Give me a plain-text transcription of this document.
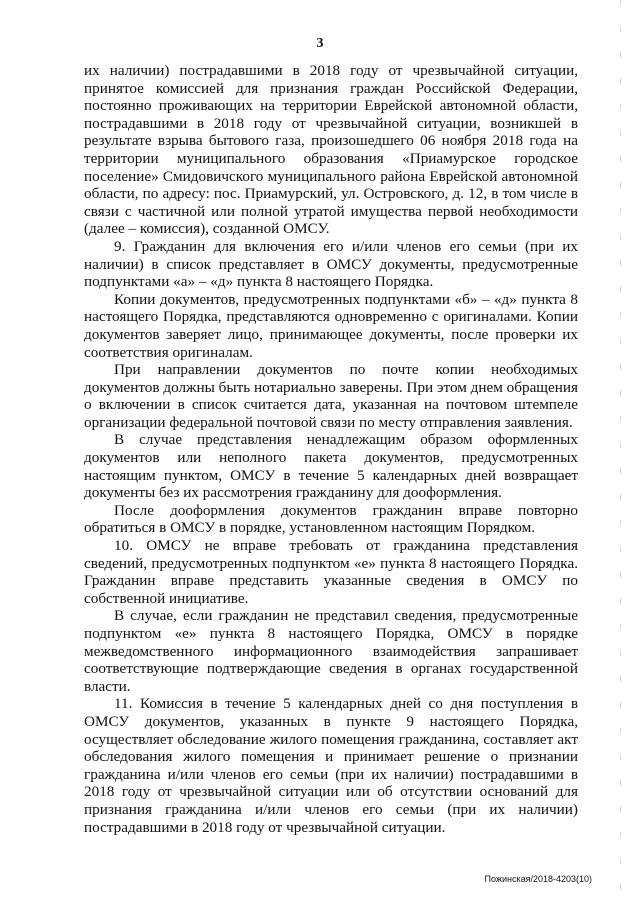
3

их наличии) пострадавшими в 2018 году от чрезвычайной ситуации, принятое комиссией для признания граждан Российской Федерации, постоянно проживающих на территории Еврейской автономной области, пострадавшими в 2018 году от чрезвычайной ситуации, возникшей в результате взрыва бытового газа, произошедшего 06 ноября 2018 года на территории муниципального образования «Приамурское городское поселение» Смидовичского муниципального района Еврейской автономной области, по адресу: пос. Приамурский, ул. Островского, д. 12, в том числе в связи с частичной или полной утратой имущества первой необходимости (далее – комиссия), созданной ОМСУ.

9. Гражданин для включения его и/или членов его семьи (при их наличии) в список представляет в ОМСУ документы, предусмотренные подпунктами «а» – «д» пункта 8 настоящего Порядка.

Копии документов, предусмотренных подпунктами «б» – «д» пункта 8 настоящего Порядка, представляются одновременно с оригиналами. Копии документов заверяет лицо, принимающее документы, после проверки их соответствия оригиналам.

При направлении документов по почте копии необходимых документов должны быть нотариально заверены. При этом днем обращения о включении в список считается дата, указанная на почтовом штемпеле организации федеральной почтовой связи по месту отправления заявления.

В случае представления ненадлежащим образом оформленных документов или неполного пакета документов, предусмотренных настоящим пунктом, ОМСУ в течение 5 календарных дней возвращает документы без их рассмотрения гражданину для дооформления.

После дооформления документов гражданин вправе повторно обратиться в ОМСУ в порядке, установленном настоящим Порядком.

10. ОМСУ не вправе требовать от гражданина представления сведений, предусмотренных подпунктом «е» пункта 8 настоящего Порядка. Гражданин вправе представить указанные сведения в ОМСУ по собственной инициативе.

В случае, если гражданин не представил сведения, предусмотренные подпунктом «е» пункта 8 настоящего Порядка, ОМСУ в порядке межведомственного информационного взаимодействия запрашивает соответствующие подтверждающие сведения в органах государственной власти.

11. Комиссия в течение 5 календарных дней со дня поступления в ОМСУ документов, указанных в пункте 9 настоящего Порядка, осуществляет обследование жилого помещения гражданина, составляет акт обследования жилого помещения и принимает решение о признании гражданина и/или членов его семьи (при их наличии) пострадавшими в 2018 году от чрезвычайной ситуации или об отсутствии оснований для признания гражданина и/или членов его семьи (при их наличии) пострадавшими в 2018 году от чрезвычайной ситуации.

Пожинская/2018-4203(10)
